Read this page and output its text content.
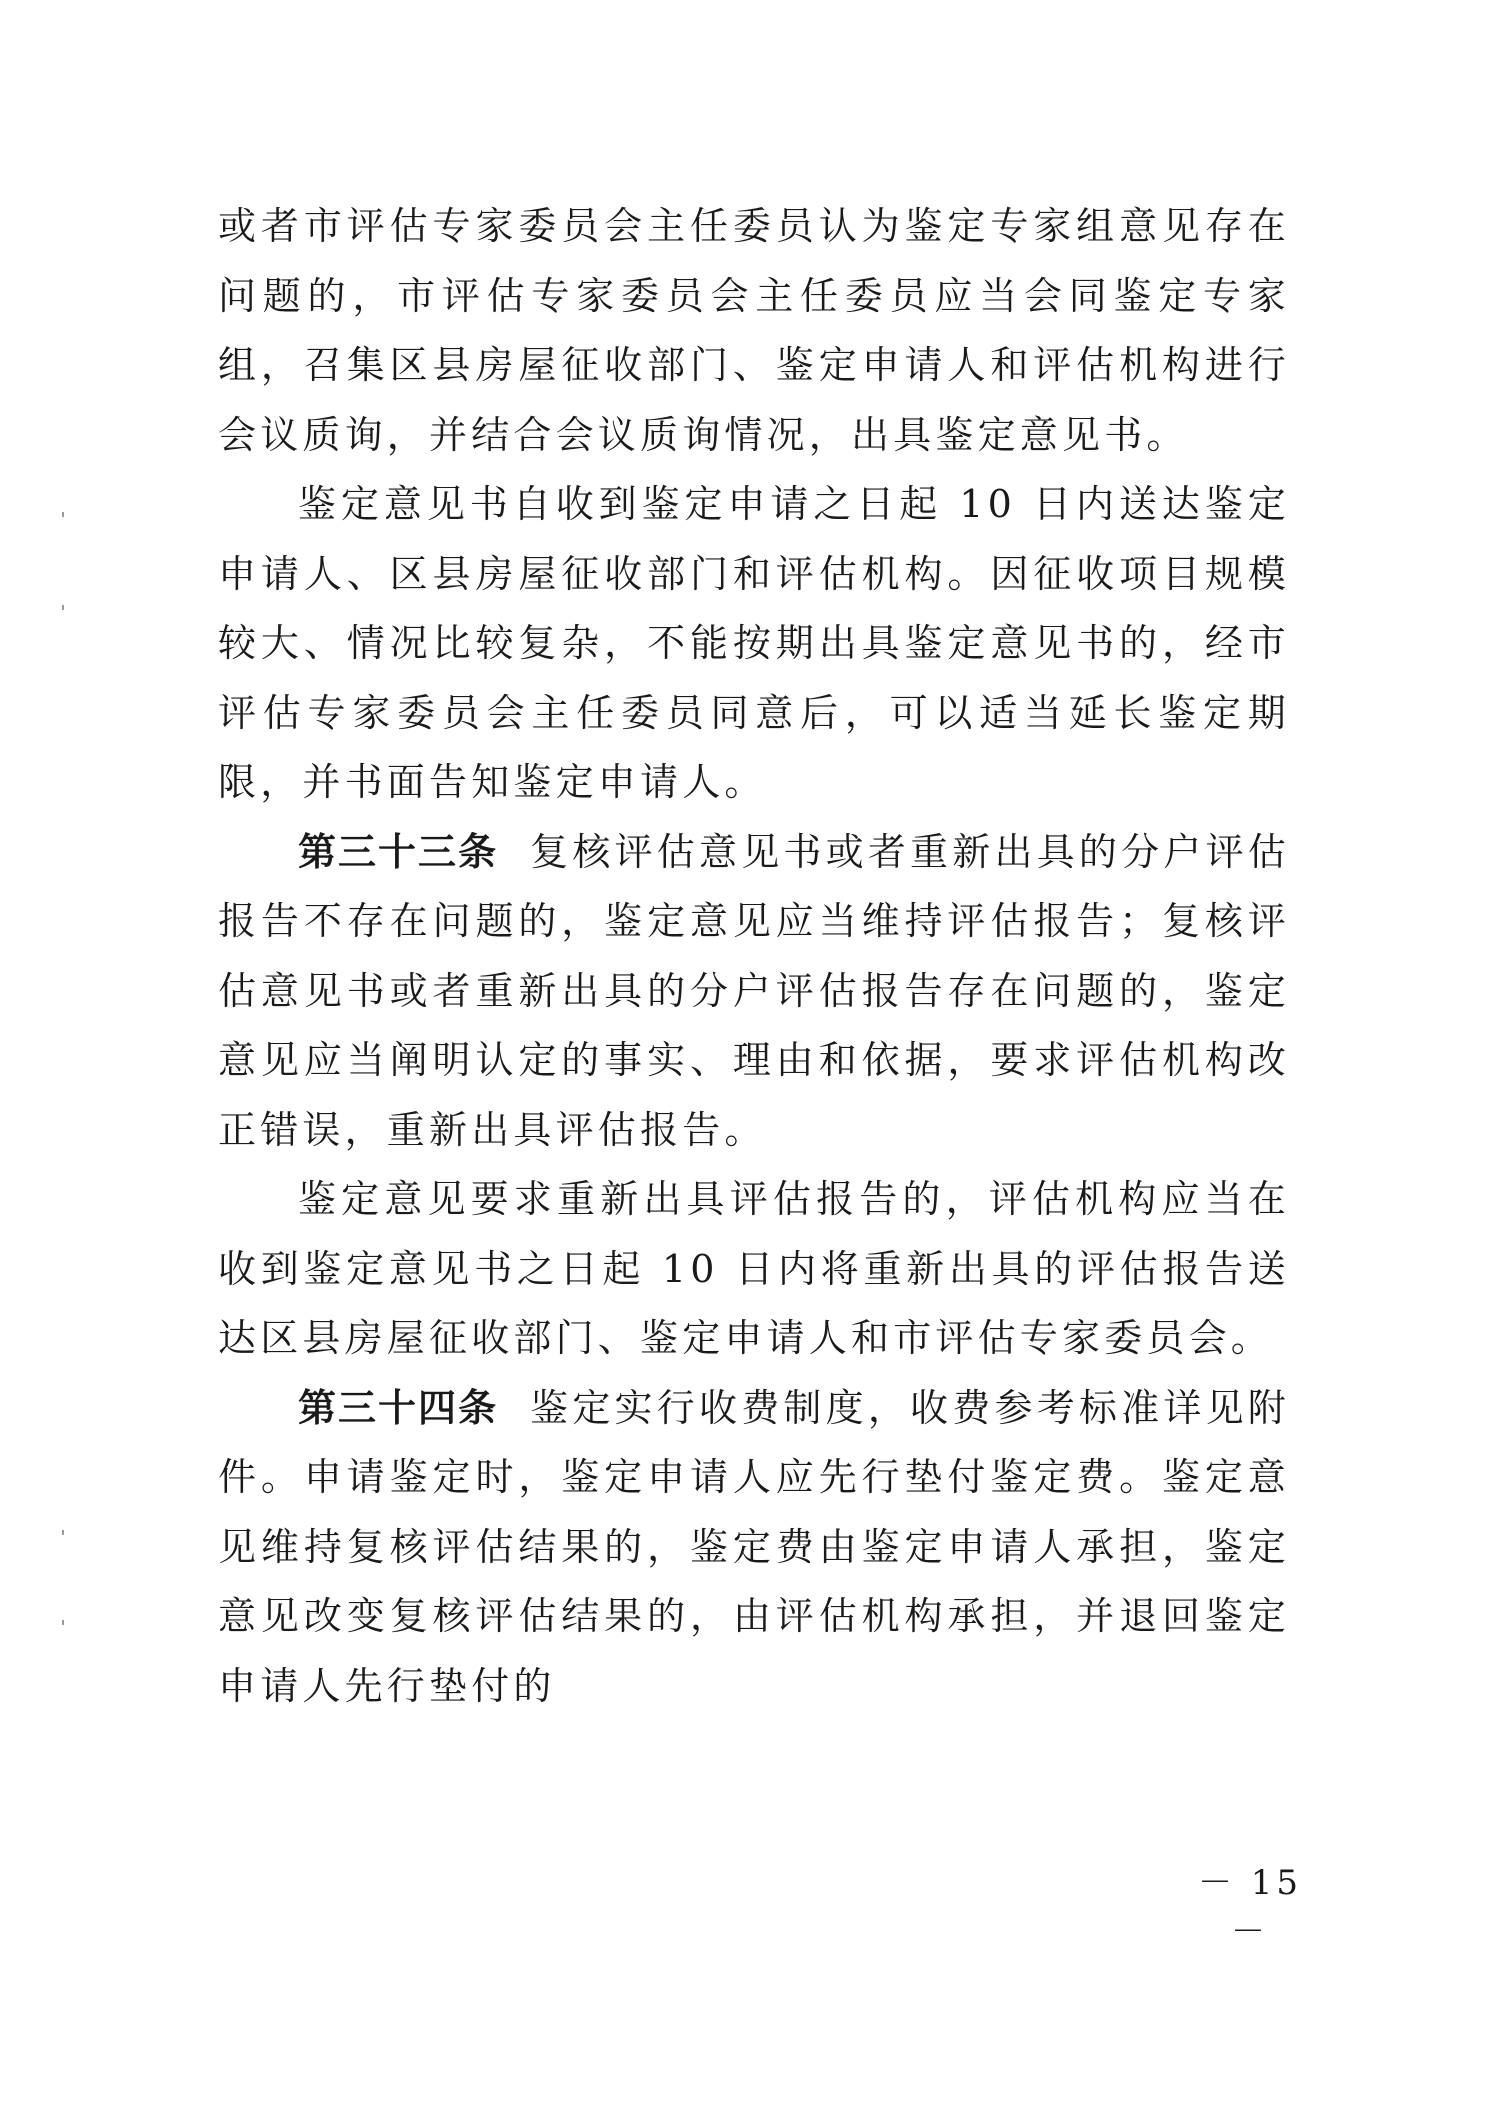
或者市评估专家委员会主任委员认为鉴定专家组意见存在问题的，市评估专家委员会主任委员应当会同鉴定专家组，召集区县房屋征收部门、鉴定申请人和评估机构进行会议质询，并结合会议质询情况，出具鉴定意见书。

鉴定意见书自收到鉴定申请之日起 10 日内送达鉴定申请人、区县房屋征收部门和评估机构。因征收项目规模较大、情况比较复杂，不能按期出具鉴定意见书的，经市评估专家委员会主任委员同意后，可以适当延长鉴定期限，并书面告知鉴定申请人。

第三十三条 复核评估意见书或者重新出具的分户评估报告不存在问题的，鉴定意见应当维持评估报告；复核评估意见书或者重新出具的分户评估报告存在问题的，鉴定意见应当阐明认定的事实、理由和依据，要求评估机构改正错误，重新出具评估报告。

鉴定意见要求重新出具评估报告的，评估机构应当在收到鉴定意见书之日起 10 日内将重新出具的评估报告送达区县房屋征收部门、鉴定申请人和市评估专家委员会。

第三十四条 鉴定实行收费制度，收费参考标准详见附件。申请鉴定时，鉴定申请人应先行垫付鉴定费。鉴定意见维持复核评估结果的，鉴定费由鉴定申请人承担，鉴定意见改变复核评估结果的，由评估机构承担，并退回鉴定申请人先行垫付的

－ 15 －
